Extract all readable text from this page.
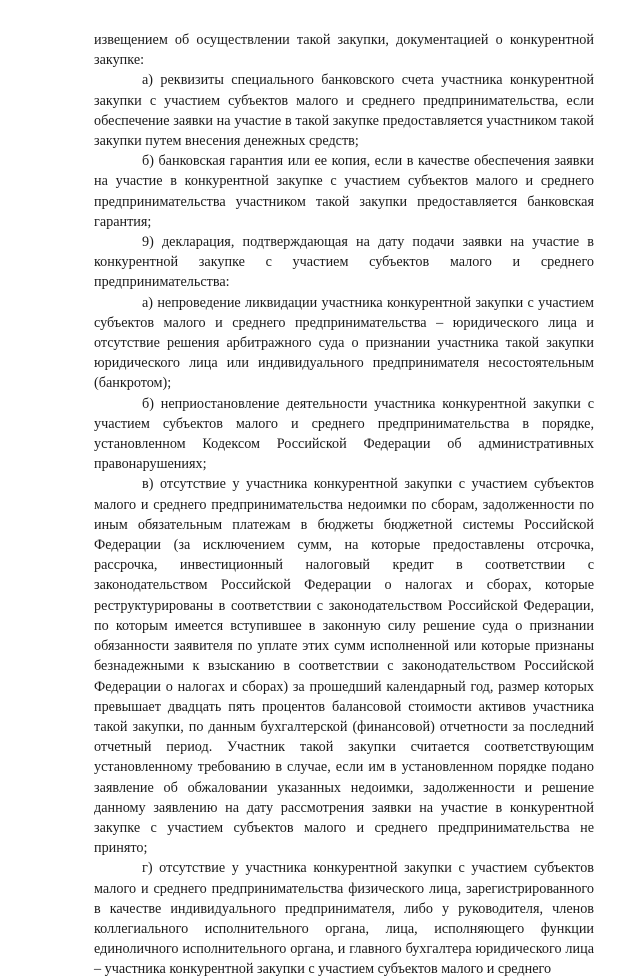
извещением об осуществлении такой закупки, документацией о конкурентной закупке:

а) реквизиты специального банковского счета участника конкурентной закупки с участием субъектов малого и среднего предпринимательства, если обеспечение заявки на участие в такой закупке предоставляется участником такой закупки путем внесения денежных средств;

б) банковская гарантия или ее копия, если в качестве обеспечения заявки на участие в конкурентной закупке с участием субъектов малого и среднего предпринимательства участником такой закупки предоставляется банковская гарантия;

9) декларация, подтверждающая на дату подачи заявки на участие в конкурентной закупке с участием субъектов малого и среднего предпринимательства:

а) непроведение ликвидации участника конкурентной закупки с участием субъектов малого и среднего предпринимательства – юридического лица и отсутствие решения арбитражного суда о признании участника такой закупки юридического лица или индивидуального предпринимателя несостоятельным (банкротом);

б) неприостановление деятельности участника конкурентной закупки с участием субъектов малого и среднего предпринимательства в порядке, установленном Кодексом Российской Федерации об административных правонарушениях;

в) отсутствие у участника конкурентной закупки с участием субъектов малого и среднего предпринимательства недоимки по сборам, задолженности по иным обязательным платежам в бюджеты бюджетной системы Российской Федерации (за исключением сумм, на которые предоставлены отсрочка, рассрочка, инвестиционный налоговый кредит в соответствии с законодательством Российской Федерации о налогах и сборах, которые реструктурированы в соответствии с законодательством Российской Федерации, по которым имеется вступившее в законную силу решение суда о признании обязанности заявителя по уплате этих сумм исполненной или которые признаны безнадежными к взысканию в соответствии с законодательством Российской Федерации о налогах и сборах) за прошедший календарный год, размер которых превышает двадцать пять процентов балансовой стоимости активов участника такой закупки, по данным бухгалтерской (финансовой) отчетности за последний отчетный период. Участник такой закупки считается соответствующим установленному требованию в случае, если им в установленном порядке подано заявление об обжаловании указанных недоимки, задолженности и решение данному заявлению на дату рассмотрения заявки на участие в конкурентной закупке с участием субъектов малого и среднего предпринимательства не принято;

г) отсутствие у участника конкурентной закупки с участием субъектов малого и среднего предпринимательства физического лица, зарегистрированного в качестве индивидуального предпринимателя, либо у руководителя, членов коллегиального исполнительного органа, лица, исполняющего функции единоличного исполнительного органа, и главного бухгалтера юридического лица – участника конкурентной закупки с участием субъектов малого и среднего
